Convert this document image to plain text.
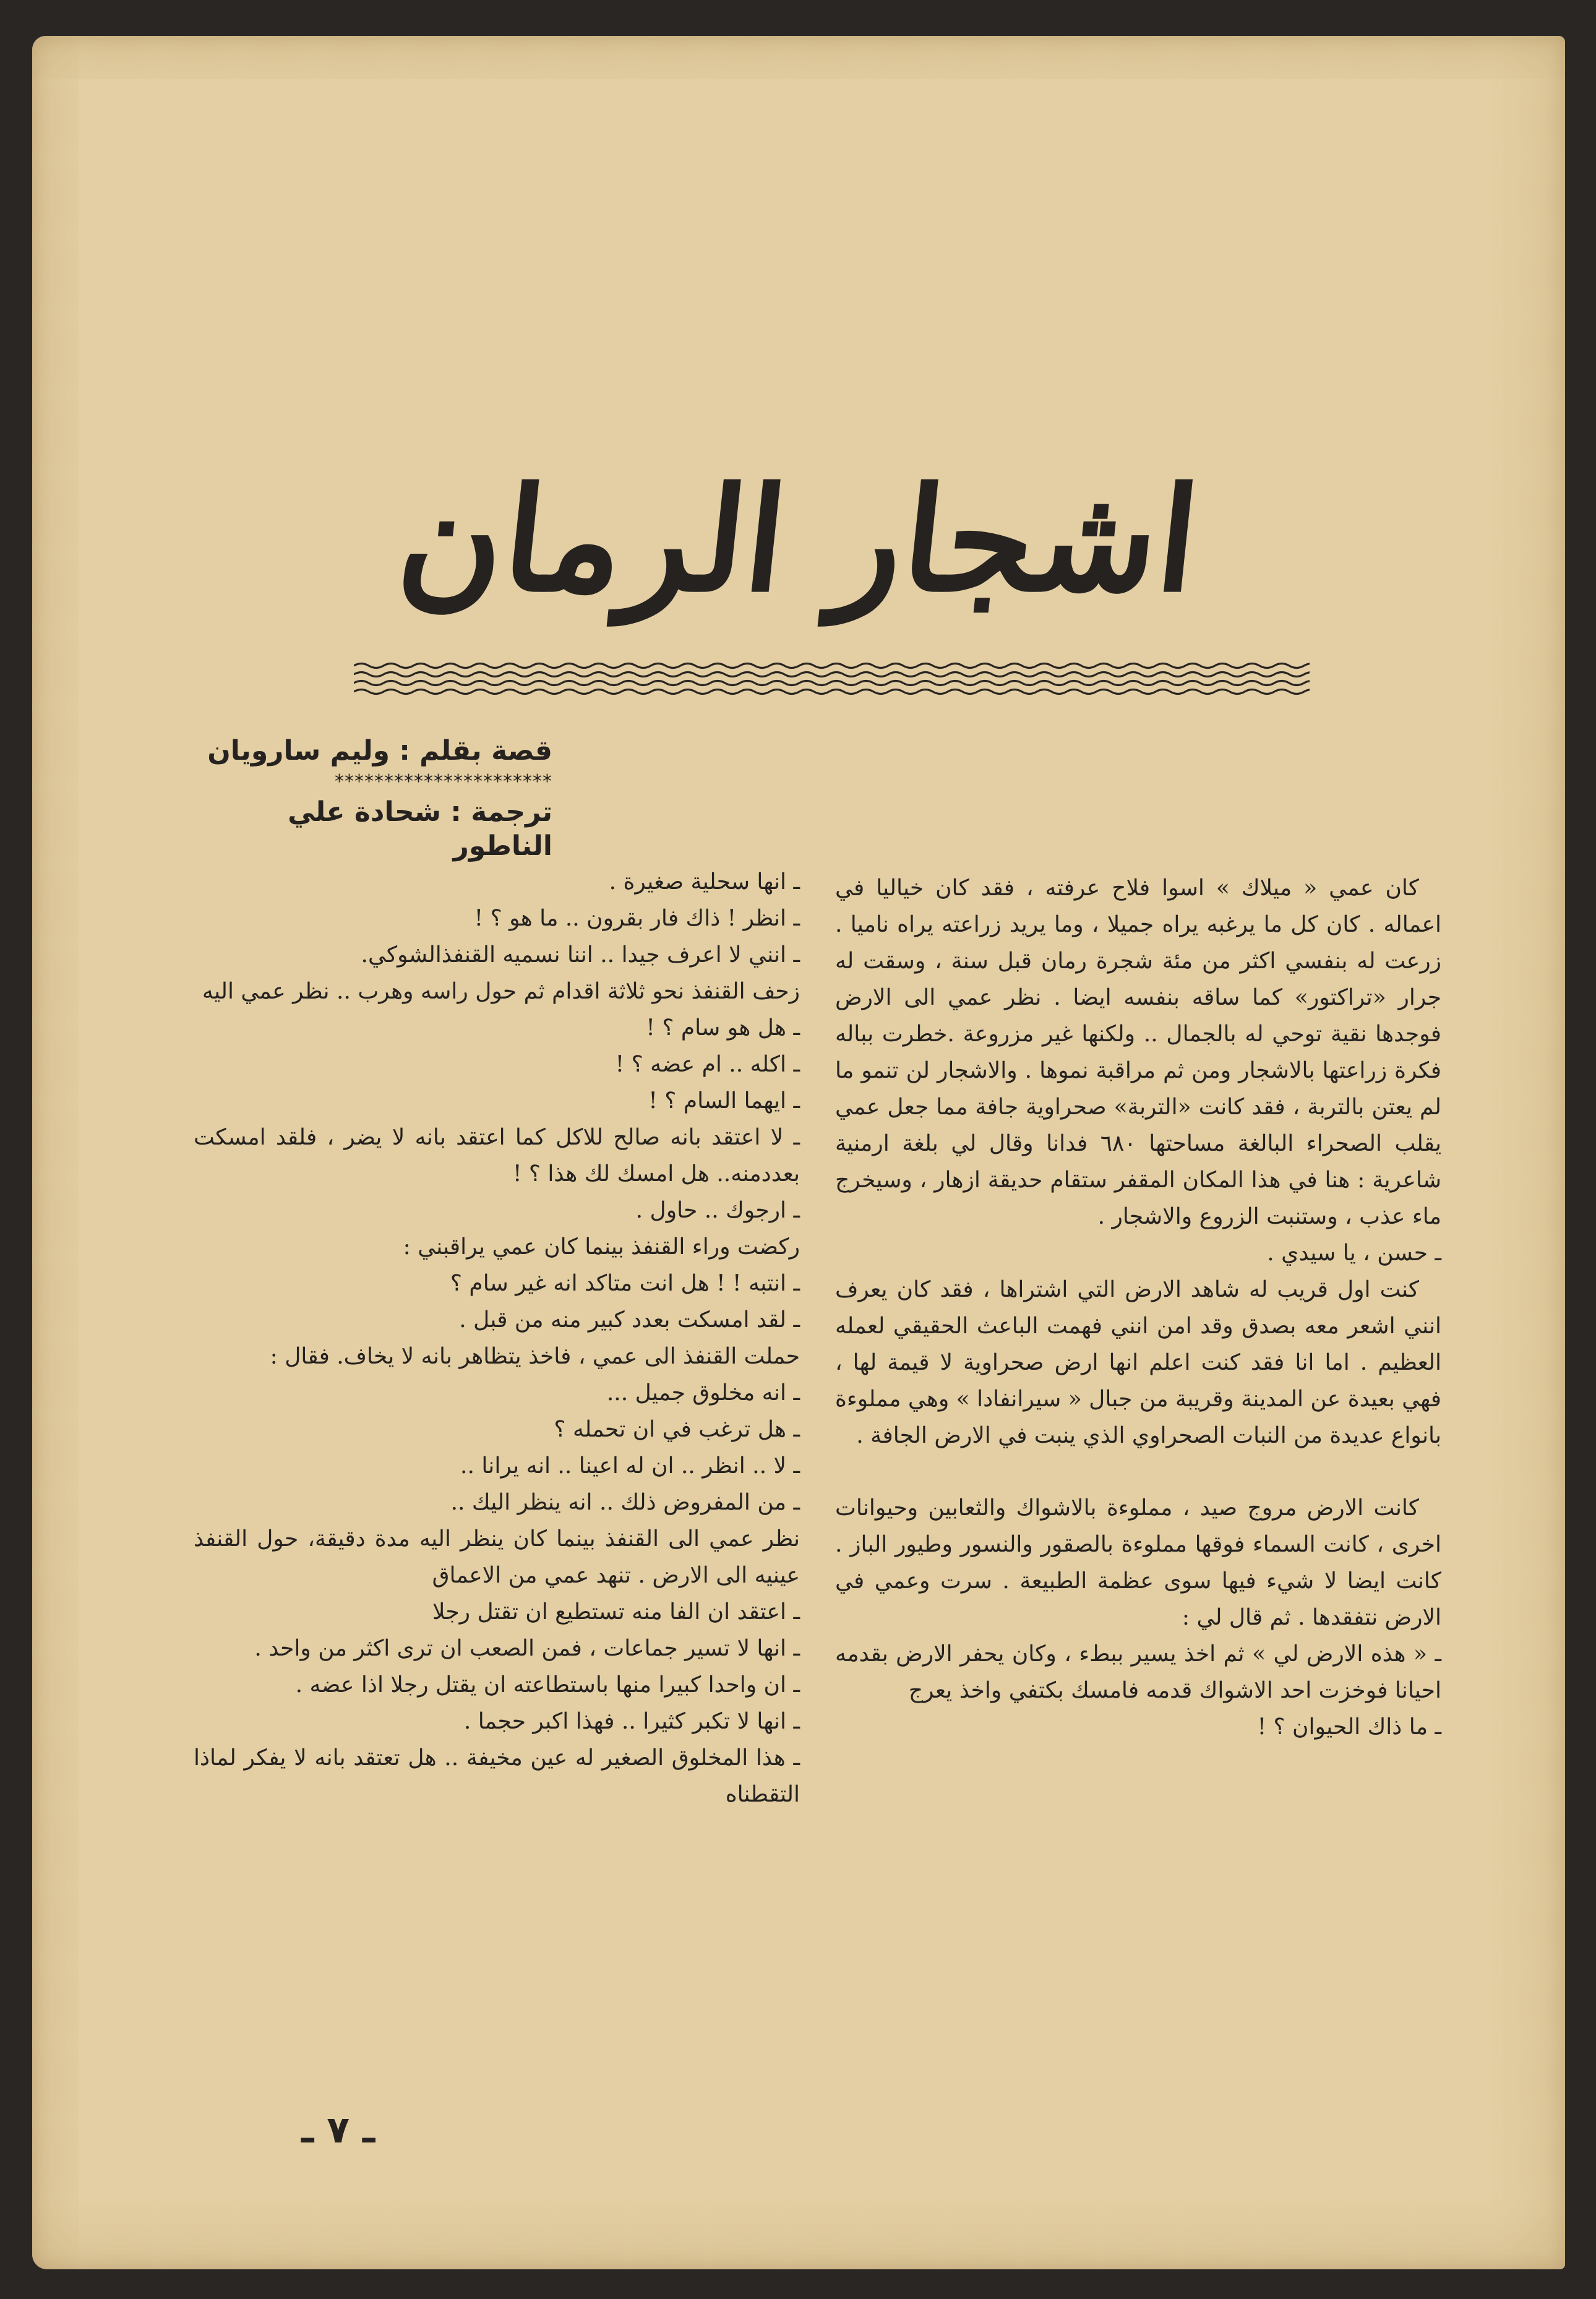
اشجار الرمان
قصة بقلم : وليم سارويان
**********************
ترجمة : شحادة علي الناطور

كان عمي « ميلاك » اسوا فلاح عرفته ، فقد كان خياليا في اعماله . كان كل ما يرغبه يراه جميلا ، وما يريد زراعته يراه ناميا . زرعت له بنفسي اكثر من مئة شجرة رمان قبل سنة ، وسقت له جرار «تراكتور» كما ساقه بنفسه ايضا . نظر عمي الى الارض فوجدها نقية توحي له بالجمال .. ولكنها غير مزروعة .خطرت بباله فكرة زراعتها بالاشجار ومن ثم مراقبة نموها . والاشجار لن تنمو ما لم يعتن بالتربة ، فقد كانت «التربة» صحراوية جافة مما جعل عمي يقلب الصحراء البالغة مساحتها ٦٨٠ فدانا وقال لي بلغة ارمنية شاعرية : هنا في هذا المكان المقفر ستقام حديقة ازهار ، وسيخرج ماء عذب ، وستنبت الزروع والاشجار .

ـ حسن ، يا سيدي .

كنت اول قريب له شاهد الارض التي اشتراها ، فقد كان يعرف انني اشعر معه بصدق وقد امن انني فهمت الباعث الحقيقي لعمله العظيم . اما انا فقد كنت اعلم انها ارض صحراوية لا قيمة لها ، فهي بعيدة عن المدينة وقريبة من جبال « سيرانفادا » وهي مملوءة بانواع عديدة من النبات الصحراوي الذي ينبت في الارض الجافة .

كانت الارض مروج صيد ، مملوءة بالاشواك والثعابين وحيوانات اخرى ، كانت السماء فوقها مملوءة بالصقور والنسور وطيور الباز . كانت ايضا لا شيء فيها سوى عظمة الطبيعة . سرت وعمي في الارض نتفقدها . ثم قال لي :

ـ « هذه الارض لي » ثم اخذ يسير ببطء ، وكان يحفر الارض بقدمه احيانا فوخزت احد الاشواك قدمه فامسك بكتفي واخذ يعرج

ـ ما ذاك الحيوان ؟ !

ـ انها سحلية صغيرة .

ـ انظر ! ذاك فار بقرون .. ما هو ؟ !

ـ انني لا اعرف جيدا .. اننا نسميه القنفذالشوكي.

زحف القنفذ نحو ثلاثة اقدام ثم حول راسه وهرب .. نظر عمي اليه

ـ هل هو سام ؟ !

ـ اكله .. ام عضه ؟ !

ـ ايهما السام ؟ !

ـ لا اعتقد بانه صالح للاكل كما اعتقد بانه لا يضر ، فلقد امسكت بعددمنه.. هل امسك لك هذا ؟ !

ـ ارجوك .. حاول .

ركضت وراء القنفذ بينما كان عمي يراقبني :

ـ انتبه ! ! هل انت متاكد انه غير سام ؟

ـ لقد امسكت بعدد كبير منه من قبل .

حملت القنفذ الى عمي ، فاخذ يتظاهر بانه لا يخاف. فقال :

ـ انه مخلوق جميل ...

ـ هل ترغب في ان تحمله ؟

ـ لا .. انظر .. ان له اعينا .. انه يرانا ..

ـ من المفروض ذلك .. انه ينظر اليك ..

نظر عمي الى القنفذ بينما كان ينظر اليه مدة دقيقة، حول القنفذ عينيه الى الارض . تنهد عمي من الاعماق

ـ اعتقد ان الفا منه تستطيع ان تقتل رجلا

ـ انها لا تسير جماعات ، فمن الصعب ان ترى اكثر من واحد .

ـ ان واحدا كبيرا منها باستطاعته ان يقتل رجلا اذا عضه .

ـ انها لا تكبر كثيرا .. فهذا اكبر حجما .

ـ هذا المخلوق الصغير له عين مخيفة .. هل تعتقد بانه لا يفكر لماذا التقطناه

ـ ٧ ـ
